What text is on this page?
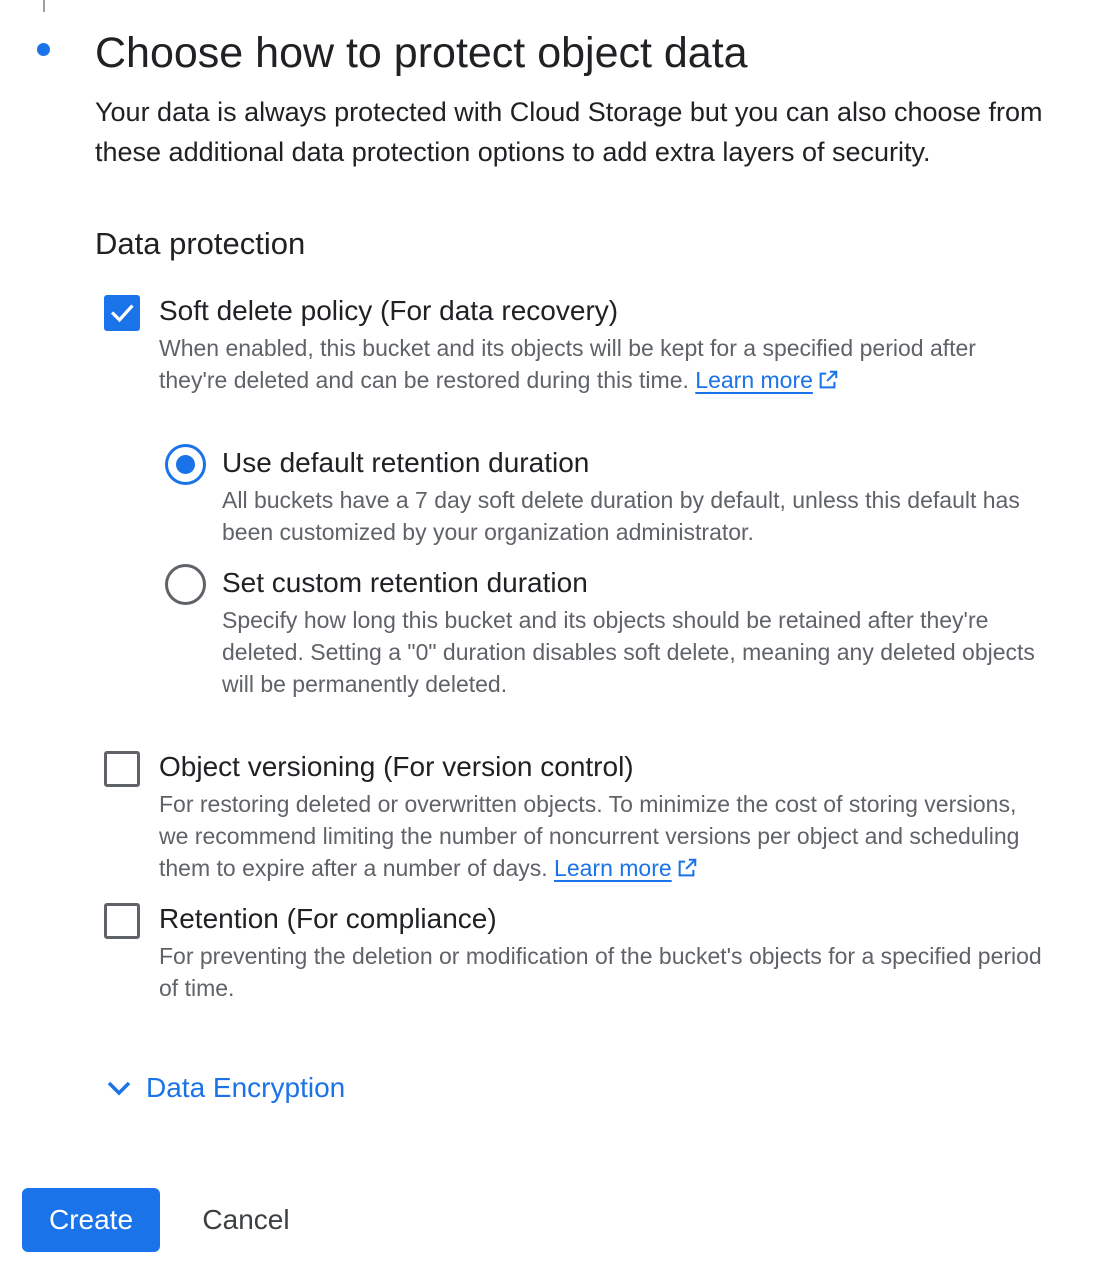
Choose how to protect object data

Your data is always protected with Cloud Storage but you can also choose from these additional data protection options to add extra layers of security.

Data protection
Soft delete policy (For data recovery)
When enabled, this bucket and its objects will be kept for a specified period after they're deleted and can be restored during this time. Learn more
Use default retention duration
All buckets have a 7 day soft delete duration by default, unless this default has been customized by your organization administrator.
Set custom retention duration
Specify how long this bucket and its objects should be retained after they're deleted. Setting a "0" duration disables soft delete, meaning any deleted objects will be permanently deleted.
Object versioning (For version control)
For restoring deleted or overwritten objects. To minimize the cost of storing versions, we recommend limiting the number of noncurrent versions per object and scheduling them to expire after a number of days. Learn more
Retention (For compliance)
For preventing the deletion or modification of the bucket's objects for a specified period of time.
Data Encryption
Create	Cancel
